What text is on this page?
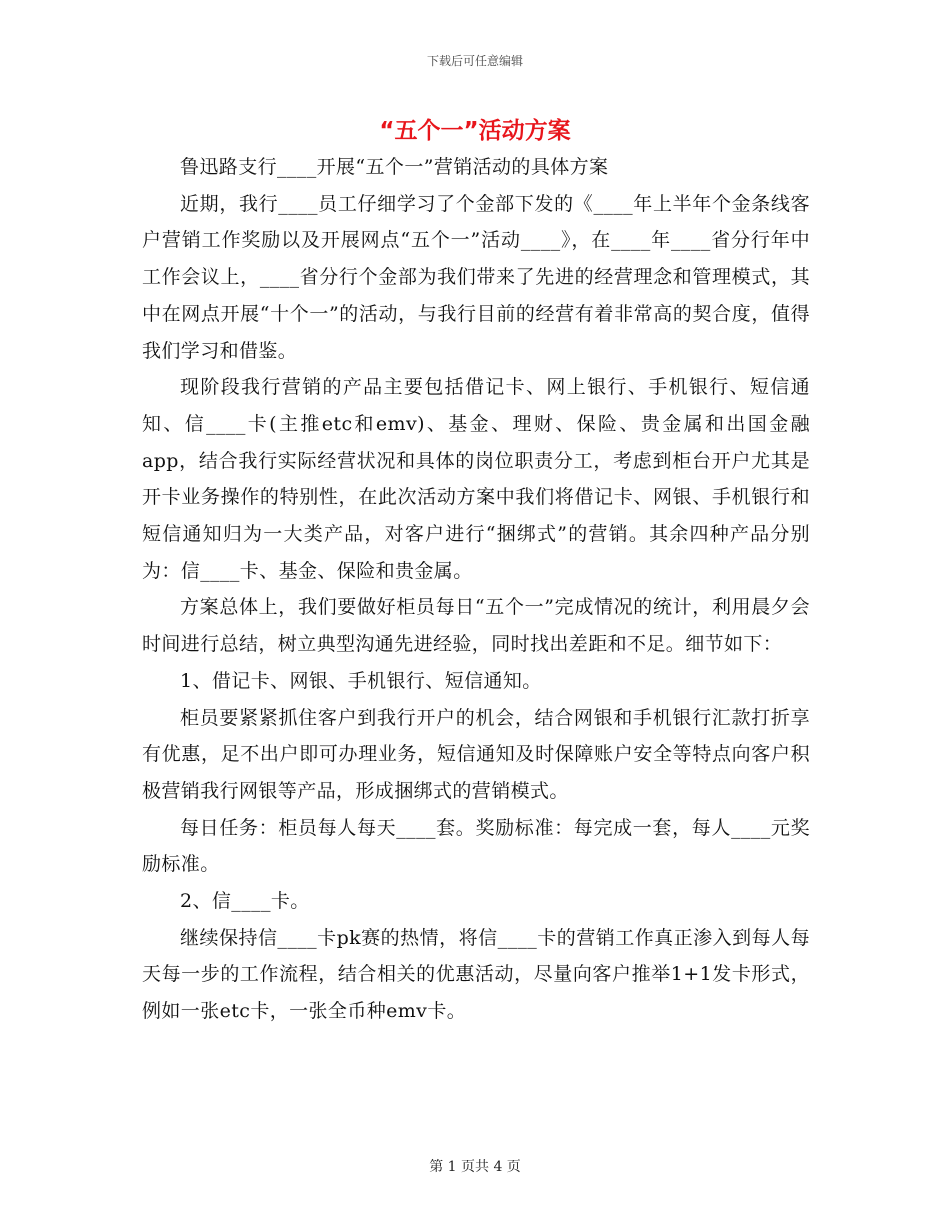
下载后可任意编辑
“五个一”活动方案

鲁迅路支行____开展“五个一”营销活动的具体方案

近期，我行____员工仔细学习了个金部下发的《____年上半年个金条线客户营销工作奖励以及开展网点“五个一”活动____》，在____年____省分行年中工作会议上，____省分行个金部为我们带来了先进的经营理念和管理模式，其中在网点开展“十个一”的活动，与我行目前的经营有着非常高的契合度，值得我们学习和借鉴。

现阶段我行营销的产品主要包括借记卡、网上银行、手机银行、短信通知、信____卡(主推etc和emv)、基金、理财、保险、贵金属和出国金融app，结合我行实际经营状况和具体的岗位职责分工，考虑到柜台开户尤其是开卡业务操作的特别性，在此次活动方案中我们将借记卡、网银、手机银行和短信通知归为一大类产品，对客户进行“捆绑式”的营销。其余四种产品分别为：信____卡、基金、保险和贵金属。

方案总体上，我们要做好柜员每日“五个一”完成情况的统计，利用晨夕会时间进行总结，树立典型沟通先进经验，同时找出差距和不足。细节如下：

1、借记卡、网银、手机银行、短信通知。

柜员要紧紧抓住客户到我行开户的机会，结合网银和手机银行汇款打折享有优惠，足不出户即可办理业务，短信通知及时保障账户安全等特点向客户积极营销我行网银等产品，形成捆绑式的营销模式。

每日任务：柜员每人每天____套。奖励标准：每完成一套，每人____元奖励标准。

2、信____卡。

继续保持信____卡pk赛的热情，将信____卡的营销工作真正渗入到每人每天每一步的工作流程，结合相关的优惠活动，尽量向客户推举1+1发卡形式，例如一张etc卡，一张全币种emv卡。

第 1 页共 4 页
